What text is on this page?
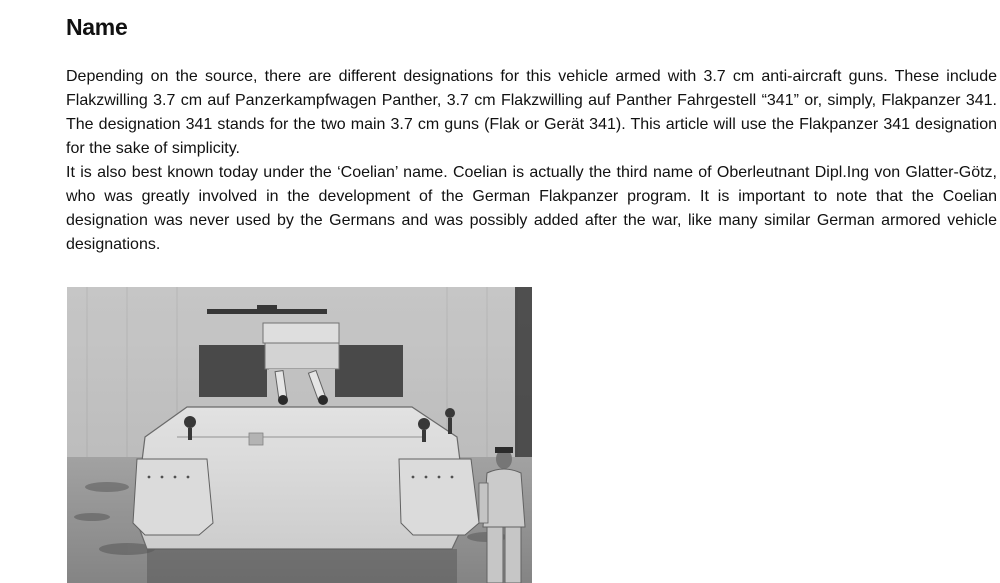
Name

Depending on the source, there are different designations for this vehicle armed with 3.7 cm anti-aircraft guns. These include Flakzwilling 3.7 cm auf Panzerkampfwagen Panther, 3.7 cm Flakzwilling auf Panther Fahrgestell “341” or, simply, Flakpanzer 341. The designation 341 stands for the two main 3.7 cm guns (Flak or Gerät 341). This article will use the Flakpanzer 341 designation for the sake of simplicity.

It is also best known today under the ‘Coelian’ name. Coelian is actually the third name of Oberleutnant Dipl.Ing von Glatter-Götz, who was greatly involved in the development of the German Flakpanzer program. It is important to note that the Coelian designation was never used by the Germans and was possibly added after the war, like many similar German armored vehicle designations.
